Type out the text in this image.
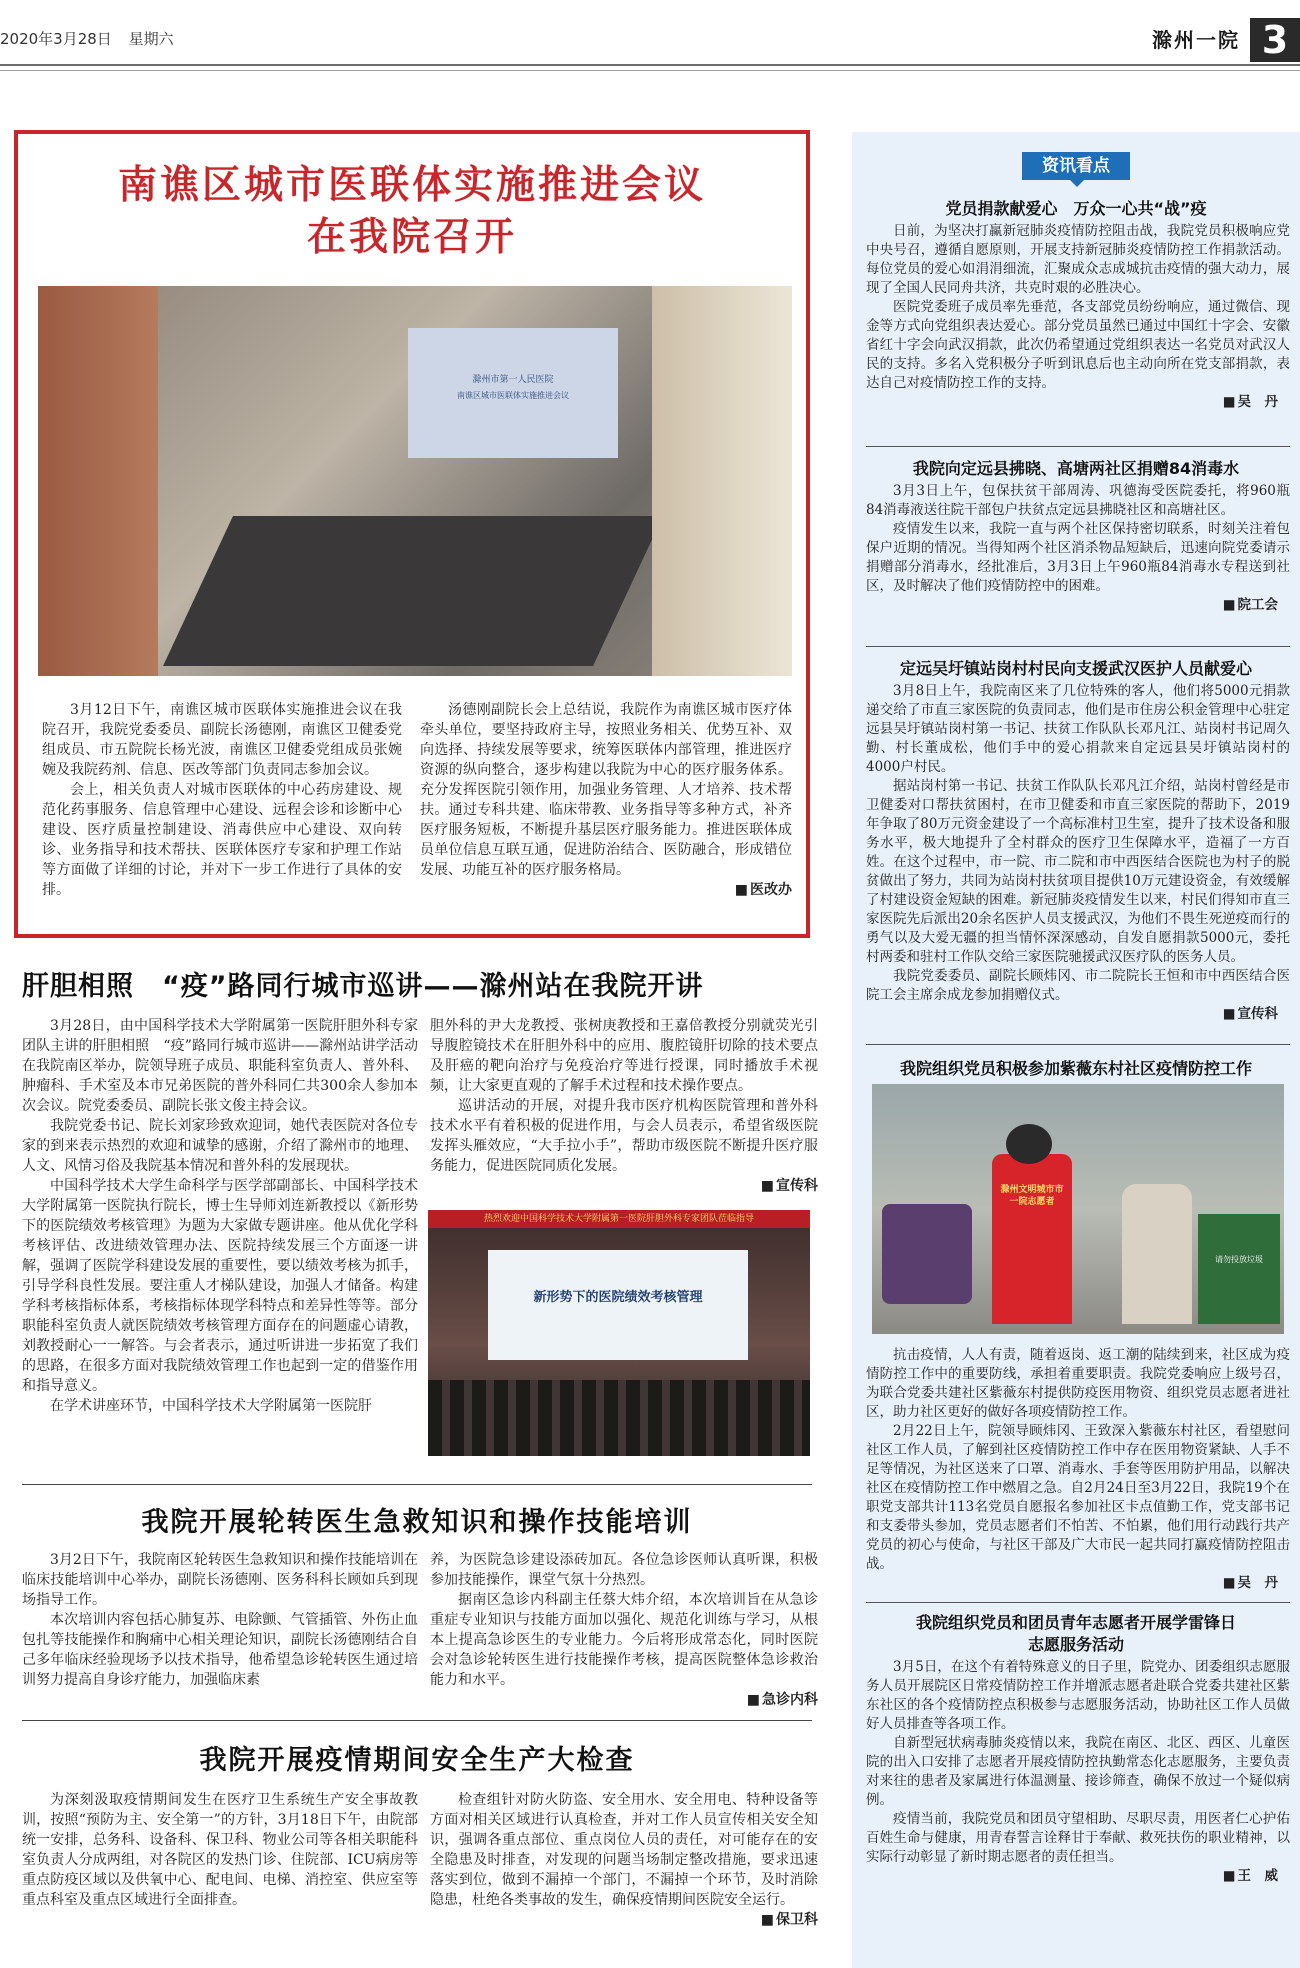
2020年3月28日 星期六	滁州一院 3
南谯区城市医联体实施推进会议
在我院召开
滁州市第一人民医院
南谯区城市医联体实施推进会议

3月12日下午，南谯区城市医联体实施推进会议在我院召开，我院党委委员、副院长汤德刚，南谯区卫健委党组成员、市五院院长杨光波，南谯区卫健委党组成员张婉婉及我院药剂、信息、医改等部门负责同志参加会议。

会上，相关负责人对城市医联体的中心药房建设、规范化药事服务、信息管理中心建设、远程会诊和诊断中心建设、医疗质量控制建设、消毒供应中心建设、双向转诊、业务指导和技术帮扶、医联体医疗专家和护理工作站等方面做了详细的讨论，并对下一步工作进行了具体的安排。

汤德刚副院长会上总结说，我院作为南谯区城市医疗体牵头单位，要坚持政府主导，按照业务相关、优势互补、双向选择、持续发展等要求，统筹医联体内部管理，推进医疗资源的纵向整合，逐步构建以我院为中心的医疗服务体系。充分发挥医院引领作用，加强业务管理、人才培养、技术帮扶。通过专科共建、临床带教、业务指导等多种方式，补齐医疗服务短板，不断提升基层医疗服务能力。推进医联体成员单位信息互联互通，促进防治结合、医防融合，形成错位发展、功能互补的医疗服务格局。

■ 医改办

肝胆相照　“疫”路同行城市巡讲——滁州站在我院开讲

3月28日，由中国科学技术大学附属第一医院肝胆外科专家团队主讲的肝胆相照　“疫”路同行城市巡讲——滁州站讲学活动在我院南区举办，院领导班子成员、职能科室负责人、普外科、肿瘤科、手术室及本市兄弟医院的普外科同仁共300余人参加本次会议。院党委委员、副院长张文俊主持会议。

我院党委书记、院长刘家珍致欢迎词，她代表医院对各位专家的到来表示热烈的欢迎和诚挚的感谢，介绍了滁州市的地理、人文、风情习俗及我院基本情况和普外科的发展现状。

中国科学技术大学生命科学与医学部副部长、中国科学技术大学附属第一医院执行院长，博士生导师刘连新教授以《新形势下的医院绩效考核管理》为题为大家做专题讲座。他从优化学科考核评估、改进绩效管理办法、医院持续发展三个方面逐一讲解，强调了医院学科建设发展的重要性，要以绩效考核为抓手，引导学科良性发展。要注重人才梯队建设，加强人才储备。构建学科考核指标体系，考核指标体现学科特点和差异性等等。部分职能科室负责人就医院绩效考核管理方面存在的问题虚心请教，刘教授耐心一一解答。与会者表示，通过听讲进一步拓宽了我们的思路，在很多方面对我院绩效管理工作也起到一定的借鉴作用和指导意义。

在学术讲座环节，中国科学技术大学附属第一医院肝

胆外科的尹大龙教授、张树庚教授和王嘉倍教授分别就荧光引导腹腔镜技术在肝胆外科中的应用、腹腔镜肝切除的技术要点及肝癌的靶向治疗与免疫治疗等进行授课，同时播放手术视频，让大家更直观的了解手术过程和技术操作要点。

巡讲活动的开展，对提升我市医疗机构医院管理和普外科技术水平有着积极的促进作用，与会人员表示，希望省级医院发挥头雁效应，“大手拉小手”，帮助市级医院不断提升医疗服务能力，促进医院同质化发展。

■ 宣传科

热烈欢迎中国科学技术大学附属第一医院肝胆外科专家团队莅临指导
新形势下的医院绩效考核管理
我院开展轮转医生急救知识和操作技能培训

3月2日下午，我院南区轮转医生急救知识和操作技能培训在临床技能培训中心举办，副院长汤德刚、医务科科长顾如兵到现场指导工作。

本次培训内容包括心肺复苏、电除颤、气管插管、外伤止血包扎等技能操作和胸痛中心相关理论知识，副院长汤德刚结合自己多年临床经验现场予以技术指导，他希望急诊轮转医生通过培训努力提高自身诊疗能力，加强临床素

养，为医院急诊建设添砖加瓦。各位急诊医师认真听课，积极参加技能操作，课堂气氛十分热烈。

据南区急诊内科副主任蔡大炜介绍，本次培训旨在从急诊重症专业知识与技能方面加以强化、规范化训练与学习，从根本上提高急诊医生的专业能力。今后将形成常态化，同时医院会对急诊轮转医生进行技能操作考核，提高医院整体急诊救治能力和水平。

■ 急诊内科

我院开展疫情期间安全生产大检查

为深刻汲取疫情期间发生在医疗卫生系统生产安全事故教训，按照“预防为主、安全第一”的方针，3月18日下午，由院部统一安排，总务科、设备科、保卫科、物业公司等各相关职能科室负责人分成两组，对各院区的发热门诊、住院部、ICU病房等重点防疫区域以及供氧中心、配电间、电梯、消控室、供应室等重点科室及重点区域进行全面排查。

检查组针对防火防盗、安全用水、安全用电、特种设备等方面对相关区域进行认真检查，并对工作人员宣传相关安全知识，强调各重点部位、重点岗位人员的责任，对可能存在的安全隐患及时排查，对发现的问题当场制定整改措施，要求迅速落实到位，做到不漏掉一个部门，不漏掉一个环节，及时消除隐患，杜绝各类事故的发生，确保疫情期间医院安全运行。

■ 保卫科

资讯看点
党员捐款献爱心　万众一心共“战”疫

日前，为坚决打赢新冠肺炎疫情防控阻击战，我院党员积极响应党中央号召，遵循自愿原则，开展支持新冠肺炎疫情防控工作捐款活动。每位党员的爱心如涓涓细流，汇聚成众志成城抗击疫情的强大动力，展现了全国人民同舟共济，共克时艰的必胜决心。

医院党委班子成员率先垂范，各支部党员纷纷响应，通过微信、现金等方式向党组织表达爱心。部分党员虽然已通过中国红十字会、安徽省红十字会向武汉捐款，此次仍希望通过党组织表达一名党员对武汉人民的支持。多名入党积极分子听到讯息后也主动向所在党支部捐款，表达自己对疫情防控工作的支持。

■ 吴　丹

我院向定远县拂晓、高塘两社区捐赠84消毒水

3月3日上午，包保扶贫干部周涛、巩德海受医院委托，将960瓶84消毒液送往院干部包户扶贫点定远县拂晓社区和高塘社区。

疫情发生以来，我院一直与两个社区保持密切联系，时刻关注着包保户近期的情况。当得知两个社区消杀物品短缺后，迅速向院党委请示捐赠部分消毒水，经批准后，3月3日上午960瓶84消毒水专程送到社区，及时解决了他们疫情防控中的困难。

■ 院工会

定远吴圩镇站岗村村民向支援武汉医护人员献爱心

3月8日上午，我院南区来了几位特殊的客人，他们将5000元捐款递交给了市直三家医院的负责同志，他们是市住房公积金管理中心驻定远县吴圩镇站岗村第一书记、扶贫工作队队长邓凡江、站岗村书记周久勤、村长董成松，他们手中的爱心捐款来自定远县吴圩镇站岗村的4000户村民。

据站岗村第一书记、扶贫工作队队长邓凡江介绍，站岗村曾经是市卫健委对口帮扶贫困村，在市卫健委和市直三家医院的帮助下，2019年争取了80万元资金建设了一个高标准村卫生室，提升了技术设备和服务水平，极大地提升了全村群众的医疗卫生保障水平，造福了一方百姓。在这个过程中，市一院、市二院和市中西医结合医院也为村子的脱贫做出了努力，共同为站岗村扶贫项目提供10万元建设资金，有效缓解了村建设资金短缺的困难。新冠肺炎疫情发生以来，村民们得知市直三家医院先后派出20余名医护人员支援武汉，为他们不畏生死逆疫而行的勇气以及大爱无疆的担当情怀深深感动，自发自愿捐款5000元，委托村两委和驻村工作队交给三家医院驰援武汉医疗队的医务人员。

我院党委委员、副院长顾炜冈、市二院院长王恒和市中西医结合医院工会主席余成龙参加捐赠仪式。

■ 宣传科

我院组织党员积极参加紫薇东村社区疫情防控工作
滁州文明城市市一院志愿者
请勿投放垃圾

抗击疫情，人人有责，随着返岗、返工潮的陆续到来，社区成为疫情防控工作中的重要防线，承担着重要职责。我院党委响应上级号召，为联合党委共建社区紫薇东村提供防疫医用物资、组织党员志愿者进社区，助力社区更好的做好各项疫情防控工作。

2月22日上午，院领导顾炜冈、王致深入紫薇东村社区，看望慰问社区工作人员，了解到社区疫情防控工作中存在医用物资紧缺、人手不足等情况，为社区送来了口罩、消毒水、手套等医用防护用品，以解决社区在疫情防控工作中燃眉之急。自2月24日至3月22日，我院19个在职党支部共计113名党员自愿报名参加社区卡点值勤工作，党支部书记和支委带头参加，党员志愿者们不怕苦、不怕累，他们用行动践行共产党员的初心与使命，与社区干部及广大市民一起共同打赢疫情防控阻击战。

■ 吴　丹

我院组织党员和团员青年志愿者开展学雷锋日
志愿服务活动

3月5日，在这个有着特殊意义的日子里，院党办、团委组织志愿服务人员开展院区日常疫情防控工作并增派志愿者赴联合党委共建社区紫东社区的各个疫情防控点积极参与志愿服务活动，协助社区工作人员做好人员排查等各项工作。

自新型冠状病毒肺炎疫情以来，我院在南区、北区、西区、儿童医院的出入口安排了志愿者开展疫情防控执勤常态化志愿服务，主要负责对来往的患者及家属进行体温测量、接诊筛查，确保不放过一个疑似病例。

疫情当前，我院党员和团员守望相助、尽职尽责，用医者仁心护佑百姓生命与健康，用青春誓言诠释甘于奉献、救死扶伤的职业精神，以实际行动彰显了新时期志愿者的责任担当。

■ 王　威
